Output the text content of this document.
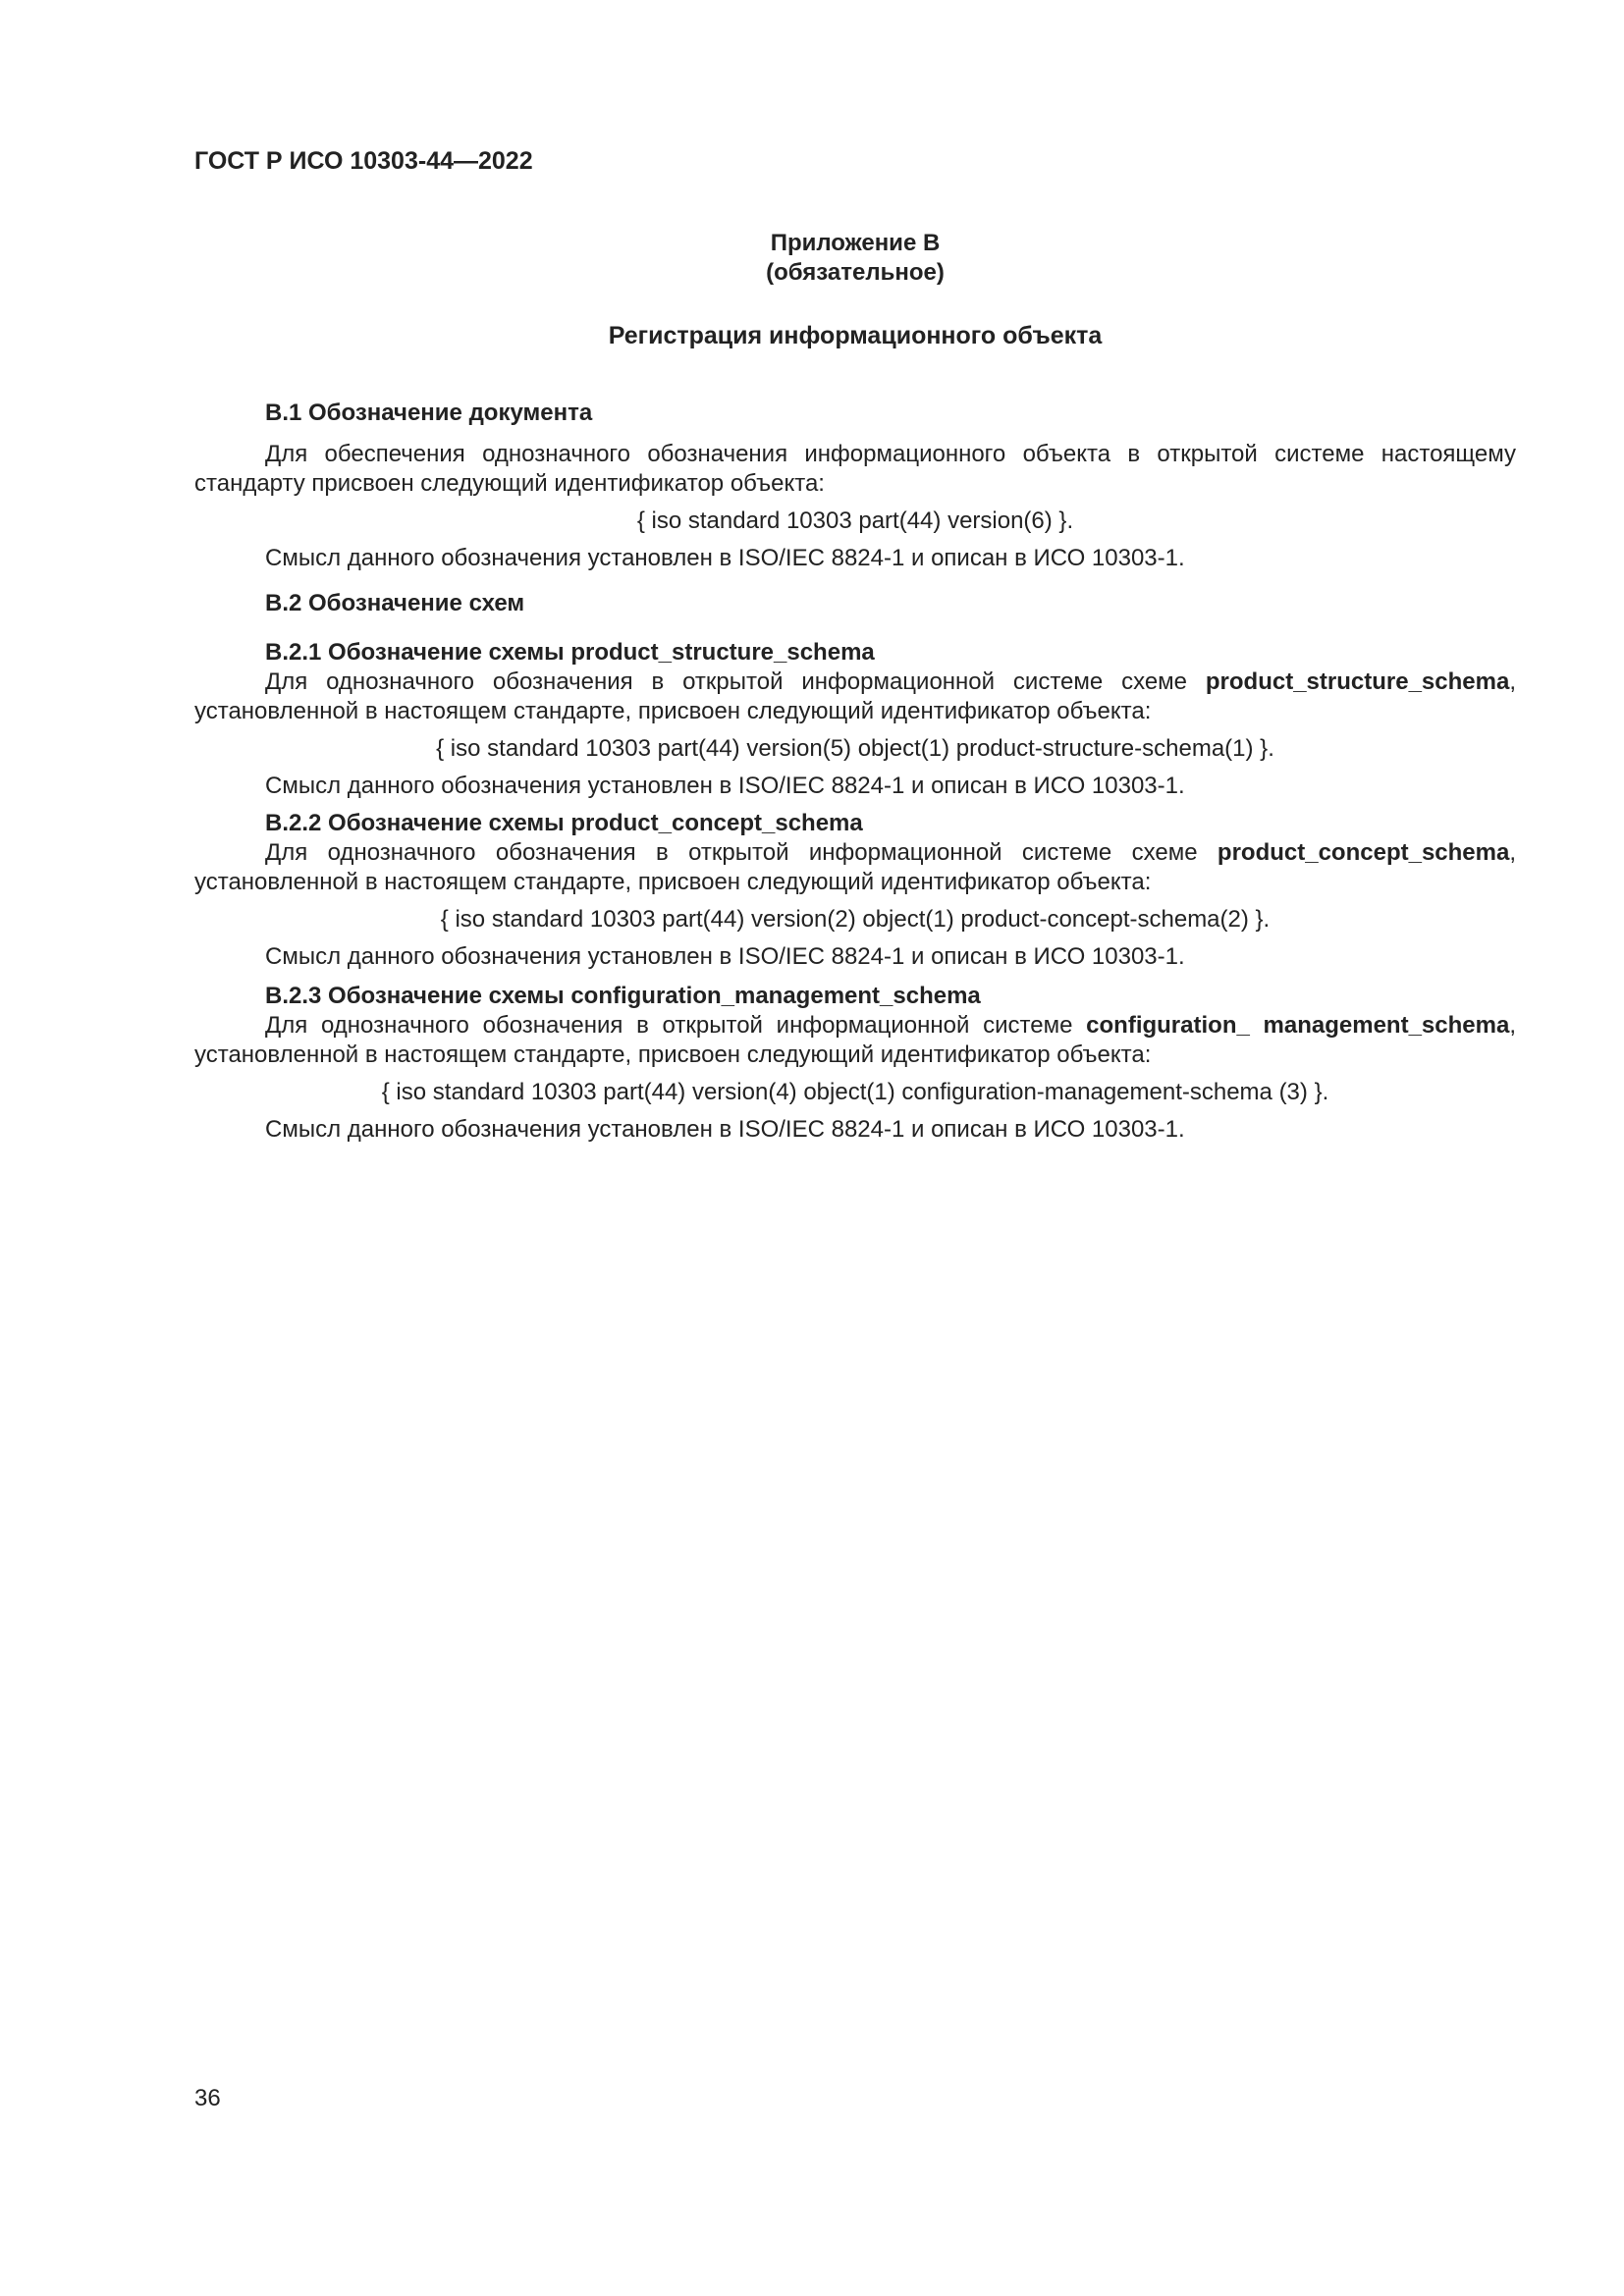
ГОСТ Р ИСО 10303-44—2022
Приложение В
(обязательное)
Регистрация информационного объекта
В.1 Обозначение документа
Для обеспечения однозначного обозначения информационного объекта в открытой системе настоящему стандарту присвоен следующий идентификатор объекта:
{ iso standard 10303 part(44) version(6) }.
Смысл данного обозначения установлен в ISO/IEC 8824-1 и описан в ИСО 10303-1.
В.2 Обозначение схем
В.2.1 Обозначение схемы product_structure_schema
Для однозначного обозначения в открытой информационной системе схеме product_structure_schema, установленной в настоящем стандарте, присвоен следующий идентификатор объекта:
{ iso standard 10303 part(44) version(5) object(1) product-structure-schema(1) }.
Смысл данного обозначения установлен в ISO/IEC 8824-1 и описан в ИСО 10303-1.
В.2.2 Обозначение схемы product_concept_schema
Для однозначного обозначения в открытой информационной системе схеме product_concept_schema, установленной в настоящем стандарте, присвоен следующий идентификатор объекта:
{ iso standard 10303 part(44) version(2) object(1) product-concept-schema(2) }.
Смысл данного обозначения установлен в ISO/IEC 8824-1 и описан в ИСО 10303-1.
В.2.3 Обозначение схемы configuration_management_schema
Для однозначного обозначения в открытой информационной системе configuration_ management_schema, установленной в настоящем стандарте, присвоен следующий идентификатор объекта:
{ iso standard 10303 part(44) version(4) object(1) configuration-management-schema (3) }.
Смысл данного обозначения установлен в ISO/IEC 8824-1 и описан в ИСО 10303-1.
36
